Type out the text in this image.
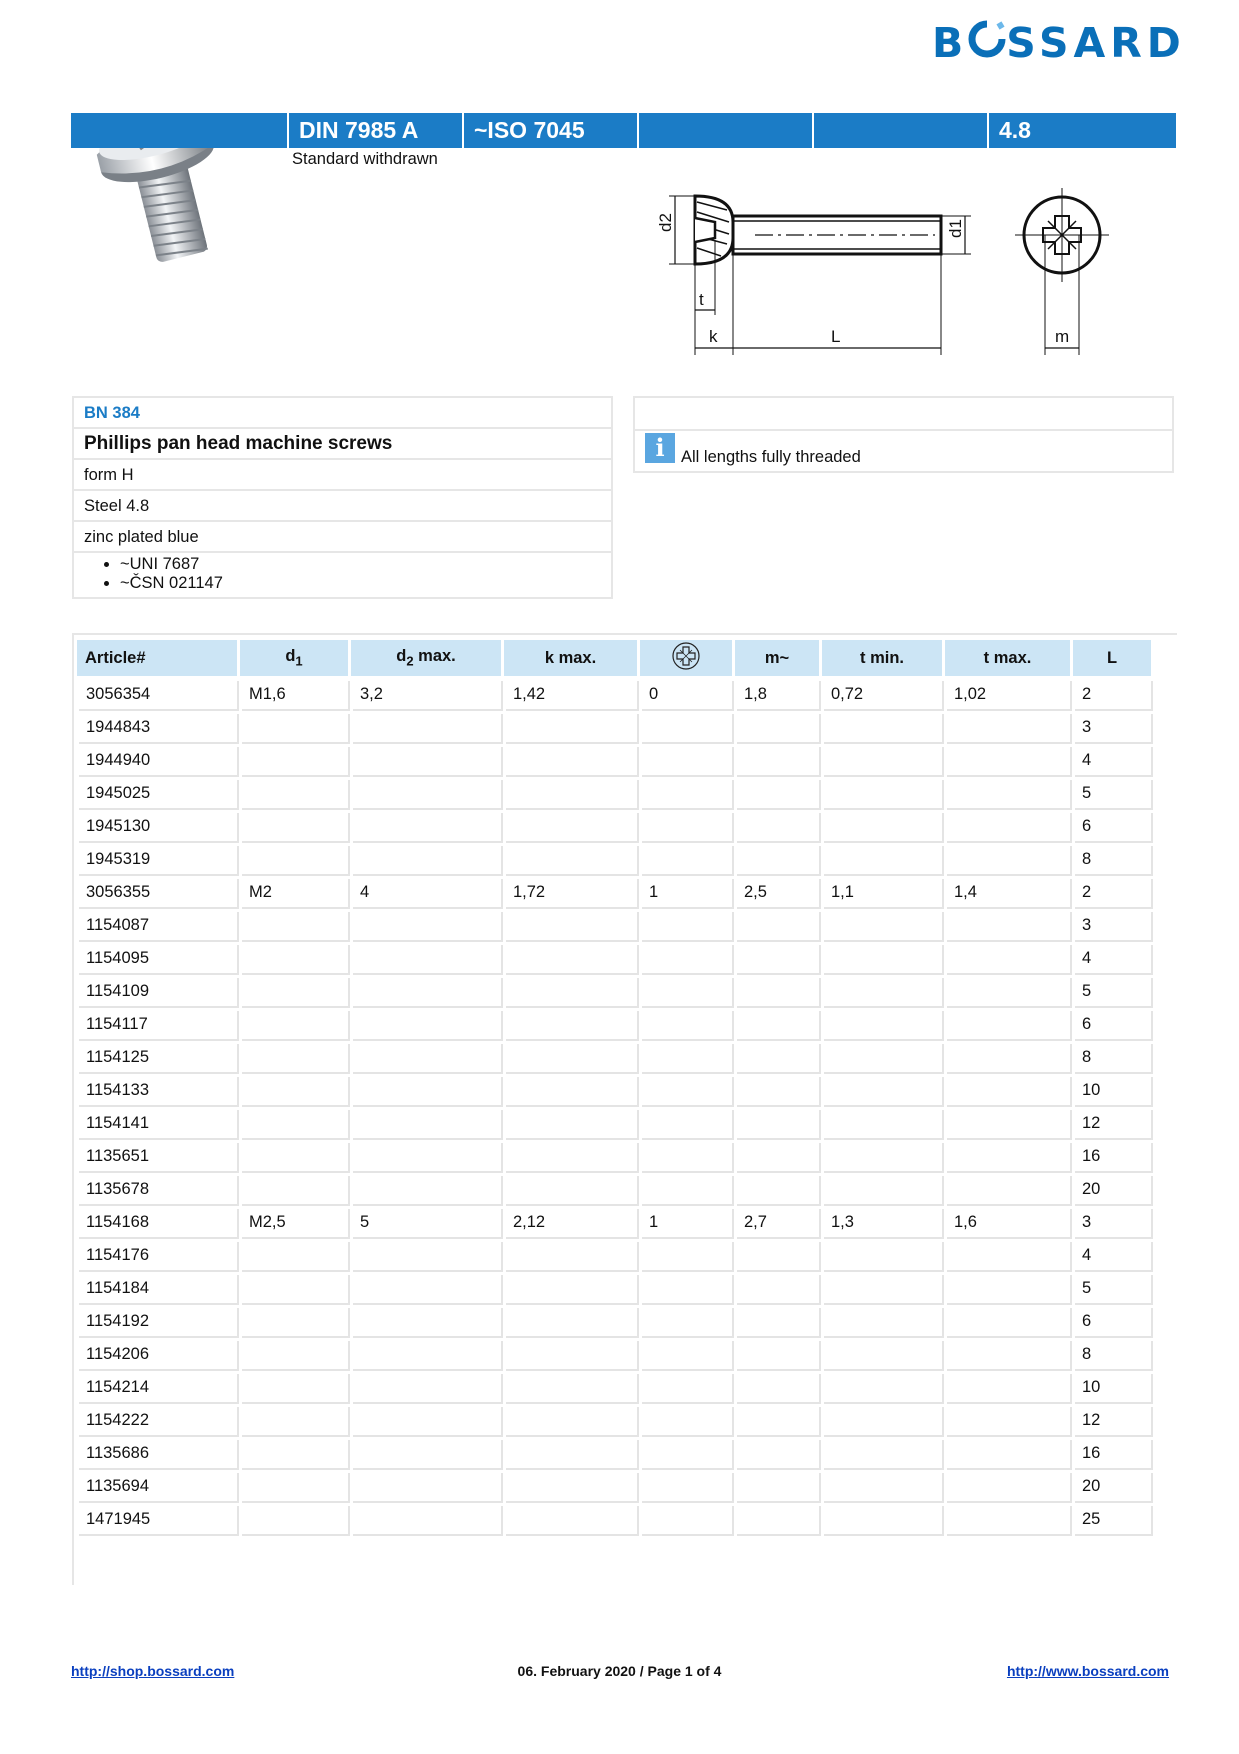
B SSARD
DIN 7985 A	~ISO 7045	4.8
Standard withdrawn
d2	d1
t
k	L	m
BN 384
Phillips pan head machine screws
form H
Steel 4.8
zinc plated blue
• ~UNI 7687
• ~ČSN 021147
i All lengths fully threaded
Article#	$d_1$	$d_2$ max.	k max.		m~	t min.	t max.	L
3056354	M1,6	3,2	1,42	0	1,8	0,72	1,02	2
1944843								3
1944940								4
1945025								5
1945130								6
1945319								8
3056355	M2	4	1,72	1	2,5	1,1	1,4	2
1154087								3
1154095								4
1154109								5
1154117								6
1154125								8
1154133								10
1154141								12
1135651								16
1135678								20
1154168	M2,5	5	2,12	1	2,7	1,3	1,6	3
1154176								4
1154184								5
1154192								6
1154206								8
1154214								10
1154222								12
1135686								16
1135694								20
1471945								25
http://shop.bossard.com	06. February 2020 / Page 1 of 4	http://www.bossard.com
